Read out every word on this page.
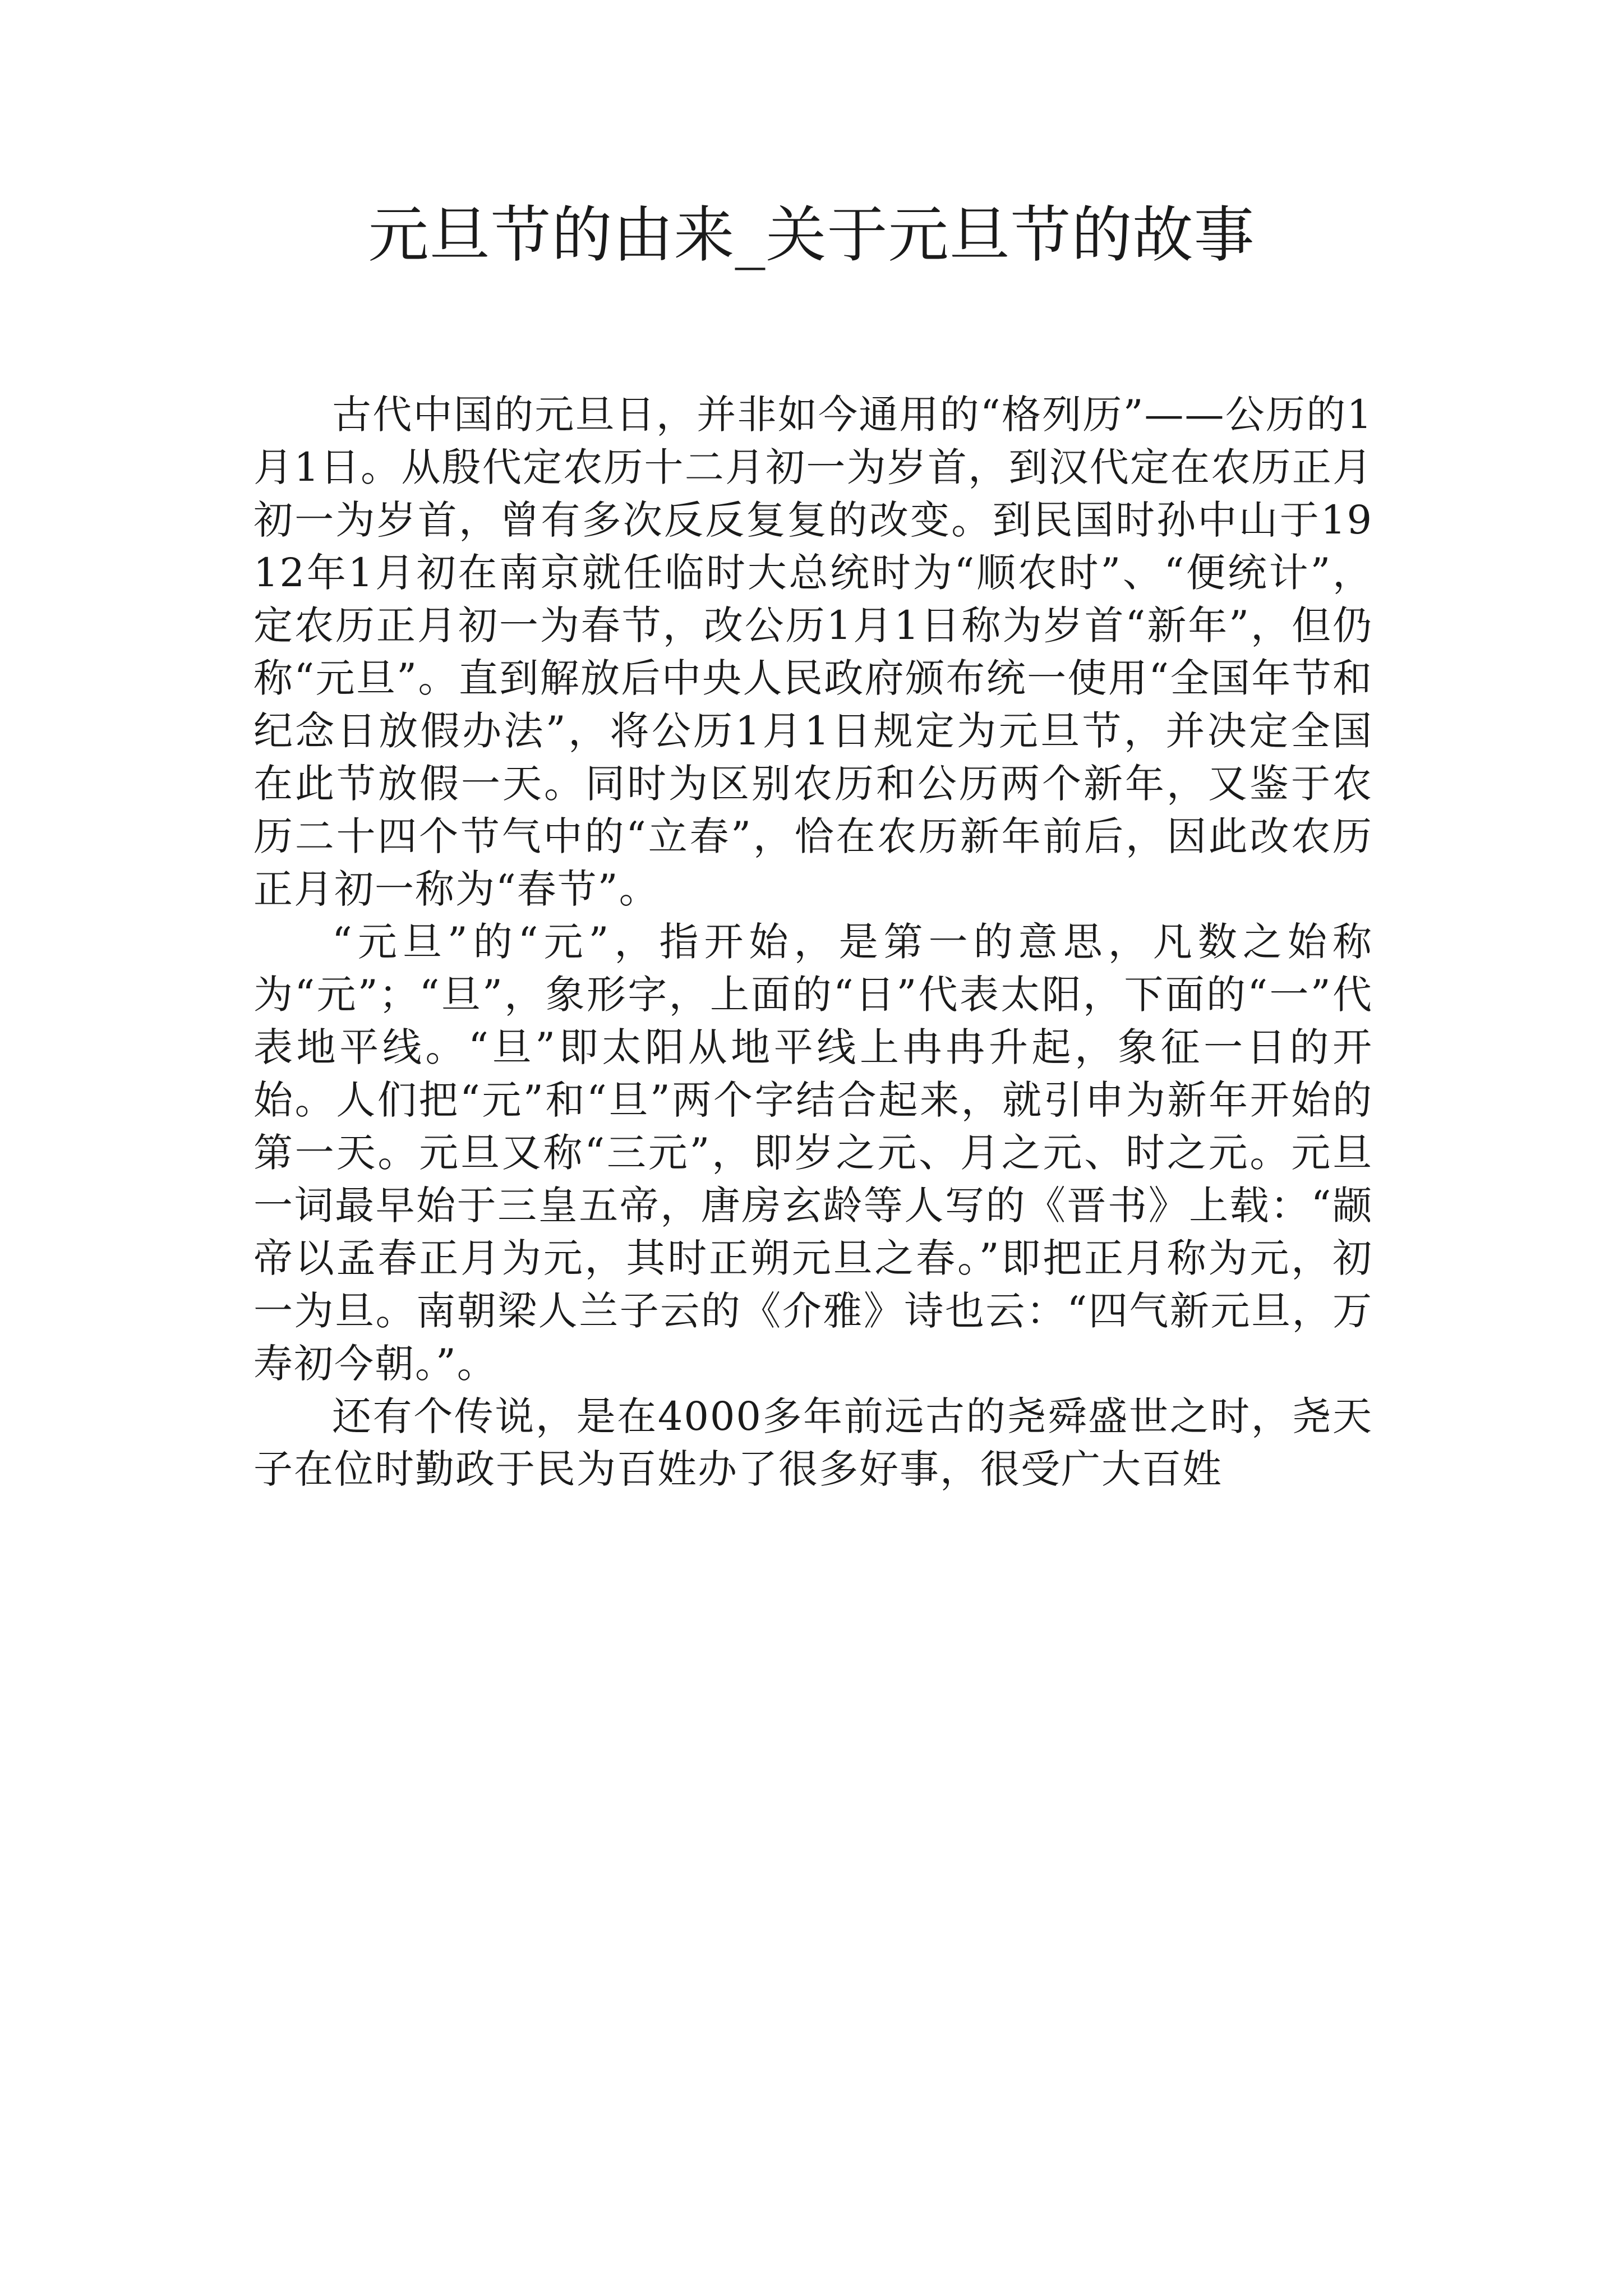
元旦节的由来_关于元旦节的故事

古代中国的元旦日，并非如今通用的“格列历”——公历的1月1日。从殷代定农历十二月初一为岁首，到汉代定在农历正月初一为岁首，曾有多次反反复复的改变。到民国时孙中山于1912年1月初在南京就任临时大总统时为“顺农时”、“便统计”，定农历正月初一为春节，改公历1月1日称为岁首“新年”，但仍称“元旦”。直到解放后中央人民政府颁布统一使用“全国年节和纪念日放假办法”，将公历1月1日规定为元旦节，并决定全国在此节放假一天。同时为区别农历和公历两个新年，又鉴于农历二十四个节气中的“立春”，恰在农历新年前后，因此改农历正月初一称为“春节”。

“元旦”的“元”，指开始，是第一的意思，凡数之始称为“元”；“旦”，象形字，上面的“日”代表太阳，下面的“一”代表地平线。“旦”即太阳从地平线上冉冉升起，象征一日的开始。人们把“元”和“旦”两个字结合起来，就引申为新年开始的第一天。元旦又称“三元”，即岁之元、月之元、时之元。元旦一词最早始于三皇五帝，唐房玄龄等人写的《晋书》上载：“颛帝以孟春正月为元，其时正朔元旦之春。”即把正月称为元，初一为旦。南朝梁人兰子云的《介雅》诗也云：“四气新元旦，万寿初今朝。”。

还有个传说，是在4000多年前远古的尧舜盛世之时，尧天子在位时勤政于民为百姓办了很多好事，很受广大百姓
